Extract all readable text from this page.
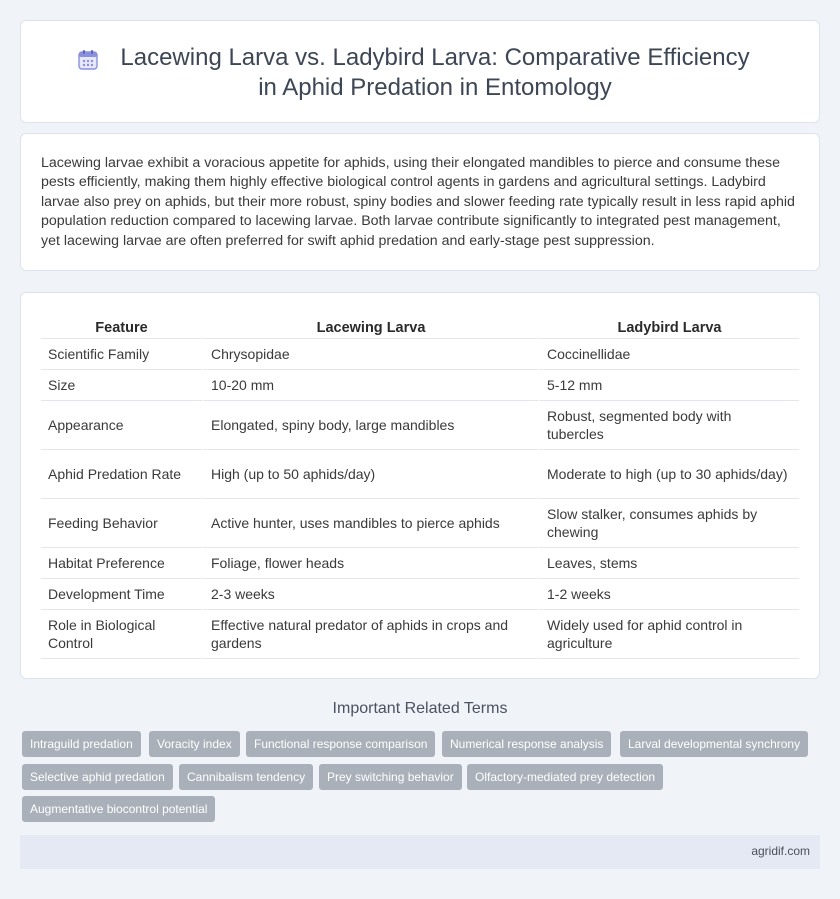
Lacewing Larva vs. Ladybird Larva: Comparative Efficiency in Aphid Predation in Entomology

Lacewing larvae exhibit a voracious appetite for aphids, using their elongated mandibles to pierce and consume these pests efficiently, making them highly effective biological control agents in gardens and agricultural settings. Ladybird larvae also prey on aphids, but their more robust, spiny bodies and slower feeding rate typically result in less rapid aphid population reduction compared to lacewing larvae. Both larvae contribute significantly to integrated pest management, yet lacewing larvae are often preferred for swift aphid predation and early-stage pest suppression.

Feature	Lacewing Larva	Ladybird Larva
Scientific Family	Chrysopidae	Coccinellidae
Size	10-20 mm	5-12 mm
Appearance	Elongated, spiny body, large mandibles	Robust, segmented body with tubercles
Aphid Predation Rate	High (up to 50 aphids/day)	Moderate to high (up to 30 aphids/day)
Feeding Behavior	Active hunter, uses mandibles to pierce aphids	Slow stalker, consumes aphids by chewing
Habitat Preference	Foliage, flower heads	Leaves, stems
Development Time	2-3 weeks	1-2 weeks
Role in Biological Control	Effective natural predator of aphids in crops and gardens	Widely used for aphid control in agriculture
Important Related Terms
Intraguild predation	Voracity index	Functional response comparison	Numerical response analysis	Larval developmental synchrony
Selective aphid predation	Cannibalism tendency	Prey switching behavior	Olfactory-mediated prey detection
Augmentative biocontrol potential
agridif.com
